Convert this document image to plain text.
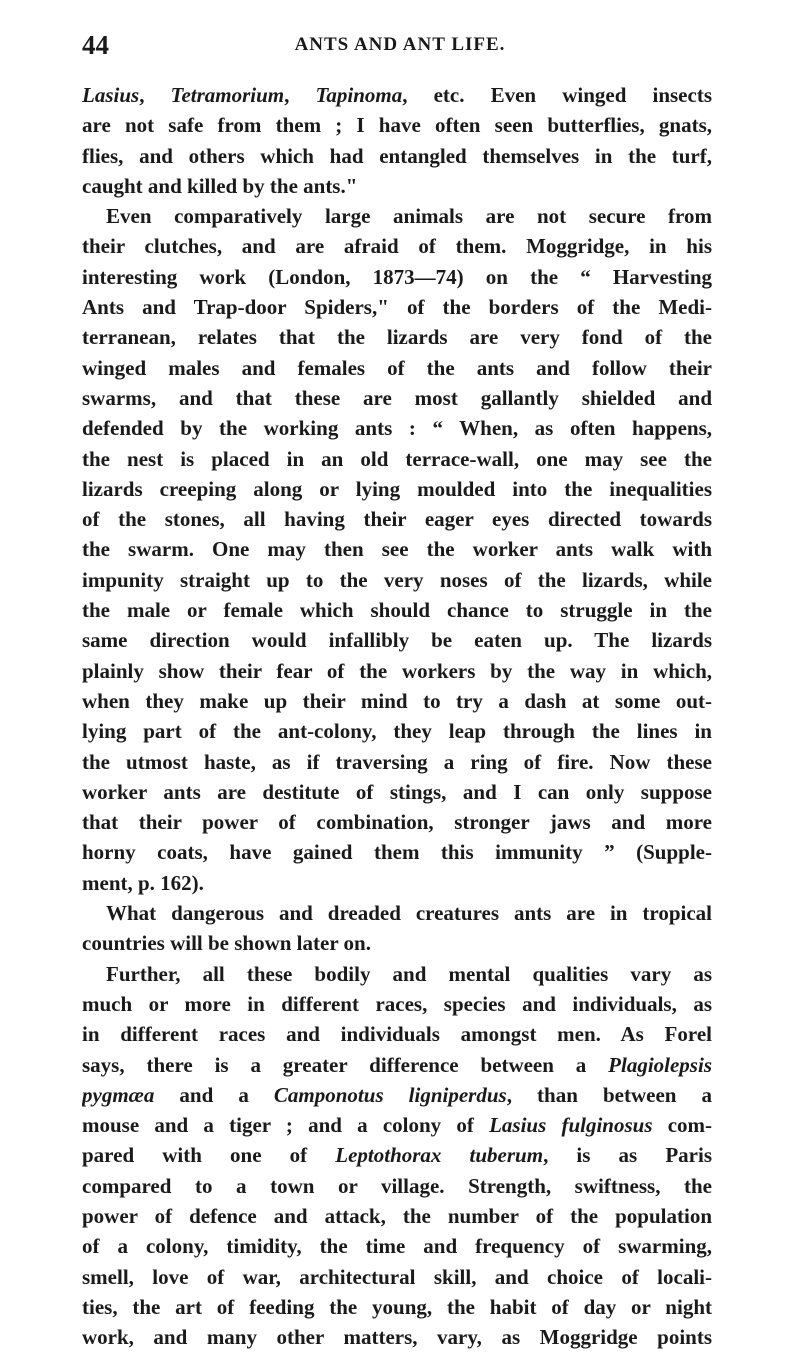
44	ANTS AND ANT LIFE.
Lasius, Tetramorium, Tapinoma, etc. Even winged insects
are not safe from them ; I have often seen butterflies, gnats,
flies, and others which had entangled themselves in the turf,
caught and killed by the ants."
Even comparatively large animals are not secure from
their clutches, and are afraid of them. Moggridge, in his
interesting work (London, 1873—74) on the “ Harvesting
Ants and Trap-door Spiders," of the borders of the Medi-
terranean, relates that the lizards are very fond of the
winged males and females of the ants and follow their
swarms, and that these are most gallantly shielded and
defended by the working ants : “ When, as often happens,
the nest is placed in an old terrace-wall, one may see the
lizards creeping along or lying moulded into the inequalities
of the stones, all having their eager eyes directed towards
the swarm. One may then see the worker ants walk with
impunity straight up to the very noses of the lizards, while
the male or female which should chance to struggle in the
same direction would infallibly be eaten up. The lizards
plainly show their fear of the workers by the way in which,
when they make up their mind to try a dash at some out-
lying part of the ant-colony, they leap through the lines in
the utmost haste, as if traversing a ring of fire. Now these
worker ants are destitute of stings, and I can only suppose
that their power of combination, stronger jaws and more
horny coats, have gained them this immunity ” (Supple-
ment, p. 162).
What dangerous and dreaded creatures ants are in tropical
countries will be shown later on.
Further, all these bodily and mental qualities vary as
much or more in different races, species and individuals, as
in different races and individuals amongst men. As Forel
says, there is a greater difference between a Plagiolepsis
pygmæa and a Camponotus ligniperdus, than between a
mouse and a tiger ; and a colony of Lasius fulginosus com-
pared with one of Leptothorax tuberum, is as Paris
compared to a town or village. Strength, swiftness, the
power of defence and attack, the number of the population
of a colony, timidity, the time and frequency of swarming,
smell, love of war, architectural skill, and choice of locali-
ties, the art of feeding the young, the habit of day or night
work, and many other matters, vary, as Moggridge points
